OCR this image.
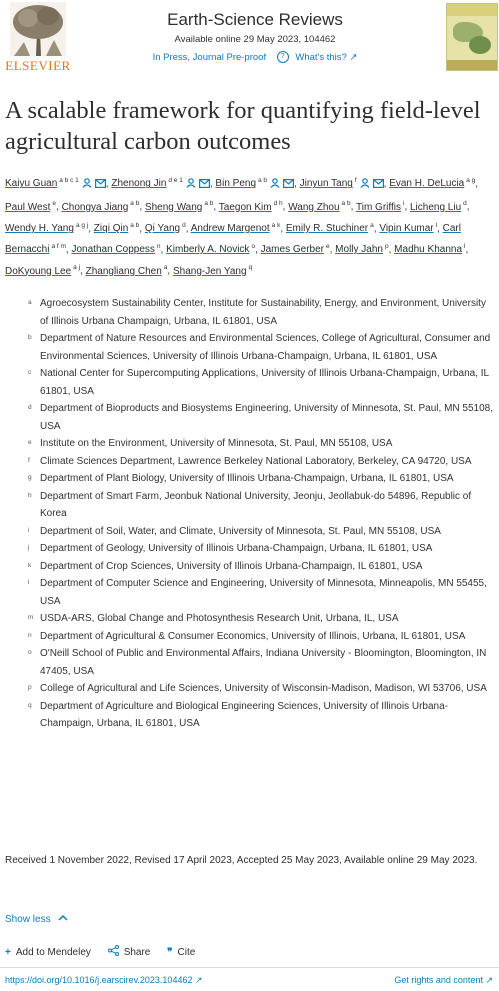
ELSEVIER
Earth-Science Reviews
Available online 29 May 2023, 104462
In Press, Journal Pre-proof ? What's this? ↗
A scalable framework for quantifying field-level agricultural carbon outcomes
Kaiyu Guan $^{a b c 1}$	, Zhenong Jin $^{d e 1}$	, Bin Peng $^{a b}$	, Jinyun Tang $^f$	, Evan H. DeLucia $^{a g}$, Paul West $^e$, Chongya Jiang $^{a b}$, Sheng Wang $^{a b}$, Taegon Kim $^{d h}$, Wang Zhou $^{a b}$, Tim Griffis $^i$, Licheng Liu $^d$, Wendy H. Yang $^{a g j}$, Ziqi Qin $^{a b}$, Qi Yang $^d$, Andrew Margenot $^{a k}$, Emily R. Stuchiner $^a$, Vipin Kumar $^l$, Carl Bernacchi $^{a f m}$, Jonathan Coppess $^n$, Kimberly A. Novick $^o$, James Gerber $^e$, Molly Jahn $^p$, Madhu Khanna $^l$, DoKyoung Lee $^{a j}$, Zhangliang Chen $^a$, Shang-Jen Yang $^q$
a Agroecosystem Sustainability Center, Institute for Sustainability, Energy, and Environment, University of Illinois Urbana Champaign, Urbana, IL 61801, USA
b Department of Nature Resources and Environmental Sciences, College of Agricultural, Consumer and Environmental Sciences, University of Illinois Urbana-Champaign, Urbana, IL 61801, USA
c National Center for Supercomputing Applications, University of Illinois Urbana-Champaign, Urbana, IL 61801, USA
d Department of Bioproducts and Biosystems Engineering, University of Minnesota, St. Paul, MN 55108, USA
e Institute on the Environment, University of Minnesota, St. Paul, MN 55108, USA
f Climate Sciences Department, Lawrence Berkeley National Laboratory, Berkeley, CA 94720, USA
g Department of Plant Biology, University of Illinois Urbana-Champaign, Urbana, IL 61801, USA
h Department of Smart Farm, Jeonbuk National University, Jeonju, Jeollabuk-do 54896, Republic of Korea
i Department of Soil, Water, and Climate, University of Minnesota, St. Paul, MN 55108, USA
j Department of Geology, University of Illinois Urbana-Champaign, Urbana, IL 61801, USA
k Department of Crop Sciences, University of Illinois Urbana-Champaign, IL 61801, USA
l Department of Computer Science and Engineering, University of Minnesota, Minneapolis, MN 55455, USA
m USDA-ARS, Global Change and Photosynthesis Research Unit, Urbana, IL, USA
n Department of Agricultural & Consumer Economics, University of Illinois, Urbana, IL 61801, USA
o O'Neill School of Public and Environmental Affairs, Indiana University - Bloomington, Bloomington, IN 47405, USA
p College of Agricultural and Life Sciences, University of Wisconsin-Madison, Madison, WI 53706, USA
q Department of Agriculture and Biological Engineering Sciences, University of Illinois Urbana-Champaign, Urbana, IL 61801, USA
Received 1 November 2022, Revised 17 April 2023, Accepted 25 May 2023, Available online 29 May 2023.
Show less
+ Add to Mendeley	Share ❞ Cite
https://doi.org/10.1016/j.earscirev.2023.104462 ↗	Get rights and content ↗
